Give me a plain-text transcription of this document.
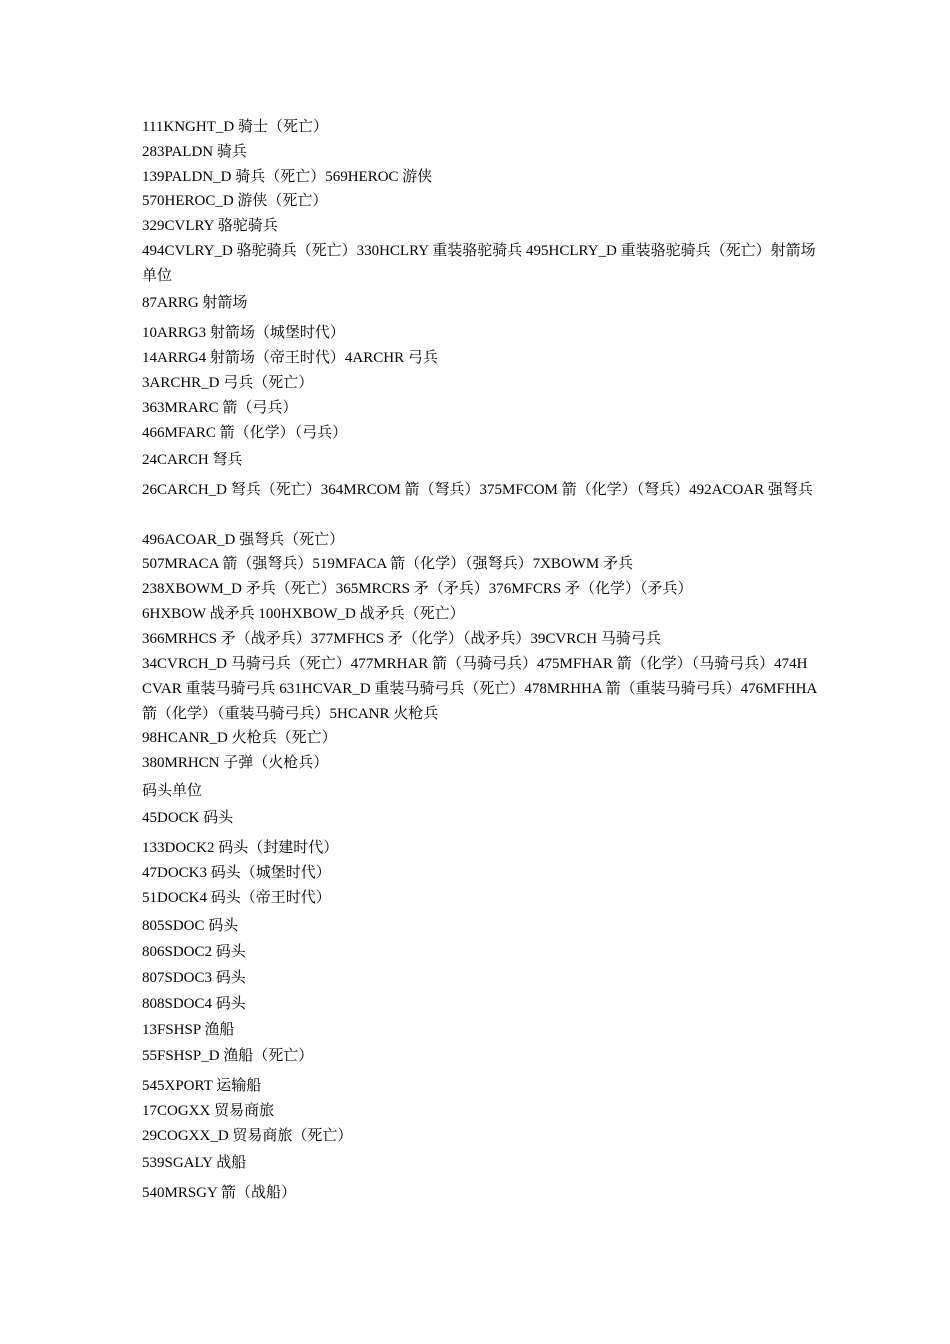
111KNGHT_D 骑士（死亡）
283PALDN 骑兵
139PALDN_D 骑兵（死亡）569HEROC 游侠
570HEROC_D 游侠（死亡）
329CVLRY 骆驼骑兵
494CVLRY_D 骆驼骑兵（死亡）330HCLRY 重装骆驼骑兵 495HCLRY_D 重装骆驼骑兵（死亡）射箭场单位
87ARRG 射箭场
10ARRG3 射箭场（城堡时代）
14ARRG4 射箭场（帝王时代）4ARCHR 弓兵
3ARCHR_D 弓兵（死亡）
363MRARC 箭（弓兵）
466MFARC 箭（化学）（弓兵）
24CARCH 弩兵
26CARCH_D 弩兵（死亡）364MRCOM 箭（弩兵）375MFCOM 箭（化学）（弩兵）492ACOAR 强弩兵
496ACOAR_D 强弩兵（死亡）
507MRACA 箭（强弩兵）519MFACA 箭（化学）（强弩兵）7XBOWM 矛兵
238XBOWM_D 矛兵（死亡）365MRCRS 矛（矛兵）376MFCRS 矛（化学）（矛兵）
6HXBOW 战矛兵 100HXBOW_D 战矛兵（死亡）
366MRHCS 矛（战矛兵）377MFHCS 矛（化学）（战矛兵）39CVRCH 马骑弓兵
34CVRCH_D 马骑弓兵（死亡）477MRHAR 箭（马骑弓兵）475MFHAR 箭（化学）（马骑弓兵）474HCVAR 重装马骑弓兵 631HCVAR_D 重装马骑弓兵（死亡）478MRHHA 箭（重装马骑弓兵）476MFHHA 箭（化学）（重装马骑弓兵）5HCANR 火枪兵
98HCANR_D 火枪兵（死亡）
380MRHCN 子弹（火枪兵）
码头单位
45DOCK 码头
133DOCK2 码头（封建时代）
47DOCK3 码头（城堡时代）
51DOCK4 码头（帝王时代）
805SDOC 码头
806SDOC2 码头
807SDOC3 码头
808SDOC4 码头
13FSHSP 渔船
55FSHSP_D 渔船（死亡）
545XPORT 运输船
17COGXX 贸易商旅
29COGXX_D 贸易商旅（死亡）
539SGALY 战船
540MRSGY 箭（战船）
